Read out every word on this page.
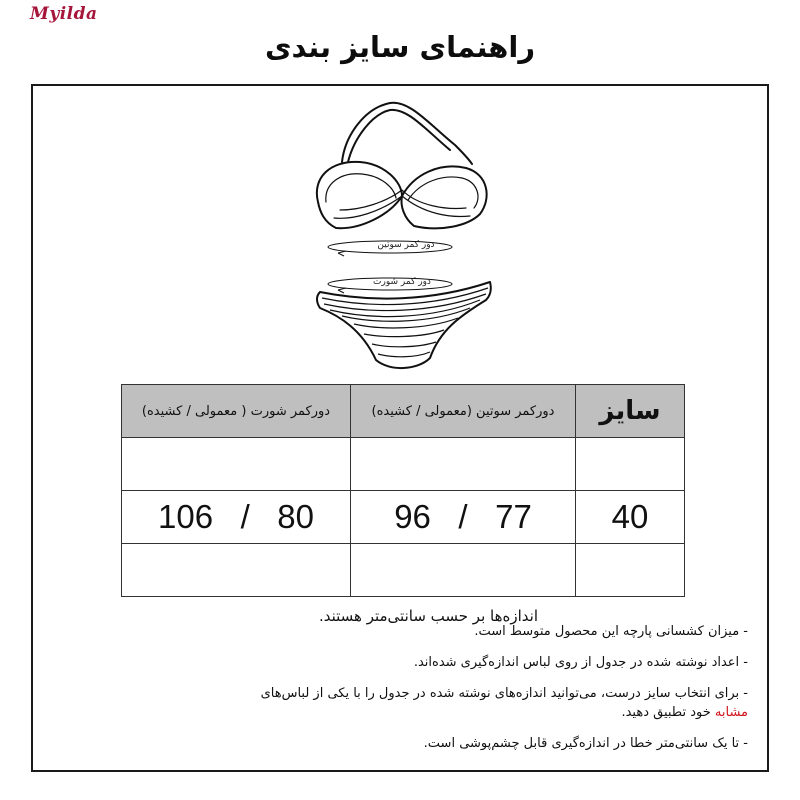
Myilda
راهنمای سایز بندی
دور کمر سوتین
دور کمر شورت
دورکمر شورت ( معمولی / کشیده)	دورکمر سوتین (معمولی / کشیده)	سایز

106   /   80	96   /   77	40

اندازه‌ها بر حسب سانتی‌متر هستند.

- میزان کشسانی پارچه این محصول متوسط است.

- اعداد نوشته شده در جدول از روی لباس اندازه‌گیری شده‌اند.

- برای انتخاب سایز درست، می‌توانید اندازه‌های نوشته شده در جدول را با یکی از لباس‌های
مشابه خود تطبیق دهید.

- تا یک سانتی‌متر خطا در اندازه‌گیری قابل چشم‌پوشی است.
